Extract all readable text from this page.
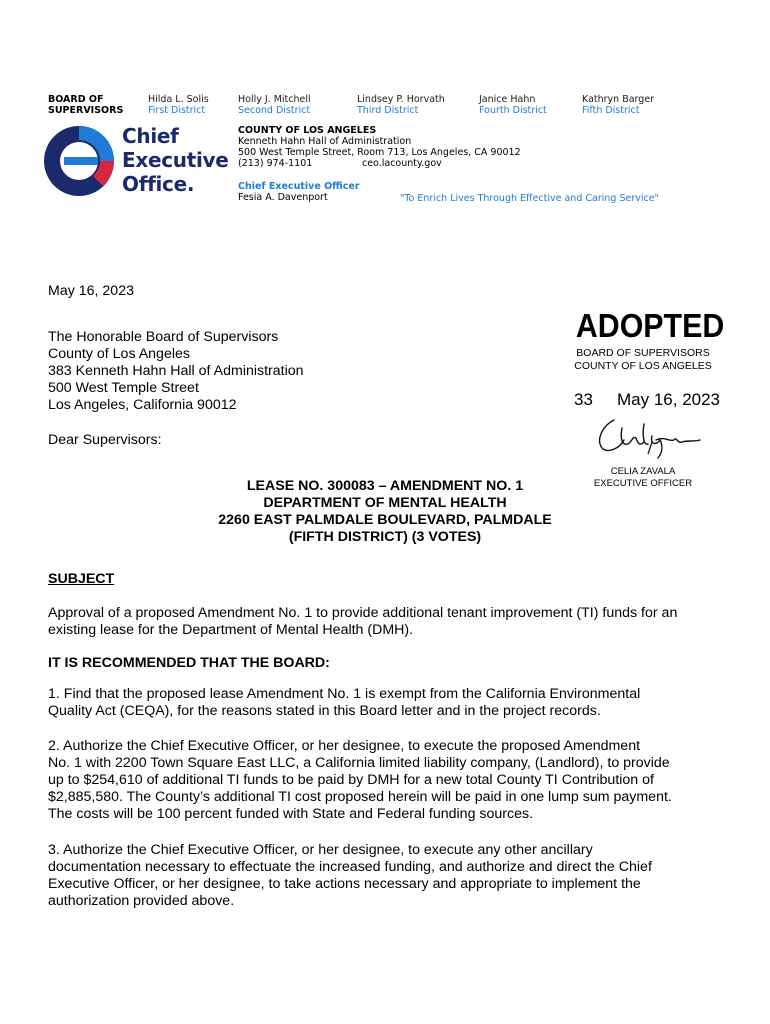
BOARD OF
SUPERVISORS
Hilda L. Solis
First District
Holly J. Mitchell
Second District
Lindsey P. Horvath
Third District
Janice Hahn
Fourth District
Kathryn Barger
Fifth District
Chief
Executive
Office.
COUNTY OF LOS ANGELES
Kenneth Hahn Hall of Administration
500 West Temple Street, Room 713, Los Angeles, CA 90012
(213) 974-1101	ceo.lacounty.gov
Chief Executive Officer
Fesia A. Davenport	"To Enrich Lives Through Effective and Caring Service"
May 16, 2023
The Honorable Board of Supervisors
County of Los Angeles
383 Kenneth Hahn Hall of Administration
500 West Temple Street
Los Angeles, California 90012
ADOPTED
BOARD OF SUPERVISORS
COUNTY OF LOS ANGELES
33 May 16, 2023
CELIA ZAVALA
EXECUTIVE OFFICER
Dear Supervisors:
LEASE NO. 300083 – AMENDMENT NO. 1
DEPARTMENT OF MENTAL HEALTH
2260 EAST PALMDALE BOULEVARD, PALMDALE
(FIFTH DISTRICT) (3 VOTES)
SUBJECT
Approval of a proposed Amendment No. 1 to provide additional tenant improvement (TI) funds for an
existing lease for the Department of Mental Health (DMH).
IT IS RECOMMENDED THAT THE BOARD:
1. Find that the proposed lease Amendment No. 1 is exempt from the California Environmental
Quality Act (CEQA), for the reasons stated in this Board letter and in the project records.
2. Authorize the Chief Executive Officer, or her designee, to execute the proposed Amendment
No. 1 with 2200 Town Square East LLC, a California limited liability company, (Landlord), to provide
up to $254,610 of additional TI funds to be paid by DMH for a new total County TI Contribution of
$2,885,580. The County’s additional TI cost proposed herein will be paid in one lump sum payment.
The costs will be 100 percent funded with State and Federal funding sources.
3. Authorize the Chief Executive Officer, or her designee, to execute any other ancillary
documentation necessary to effectuate the increased funding, and authorize and direct the Chief
Executive Officer, or her designee, to take actions necessary and appropriate to implement the
authorization provided above.
